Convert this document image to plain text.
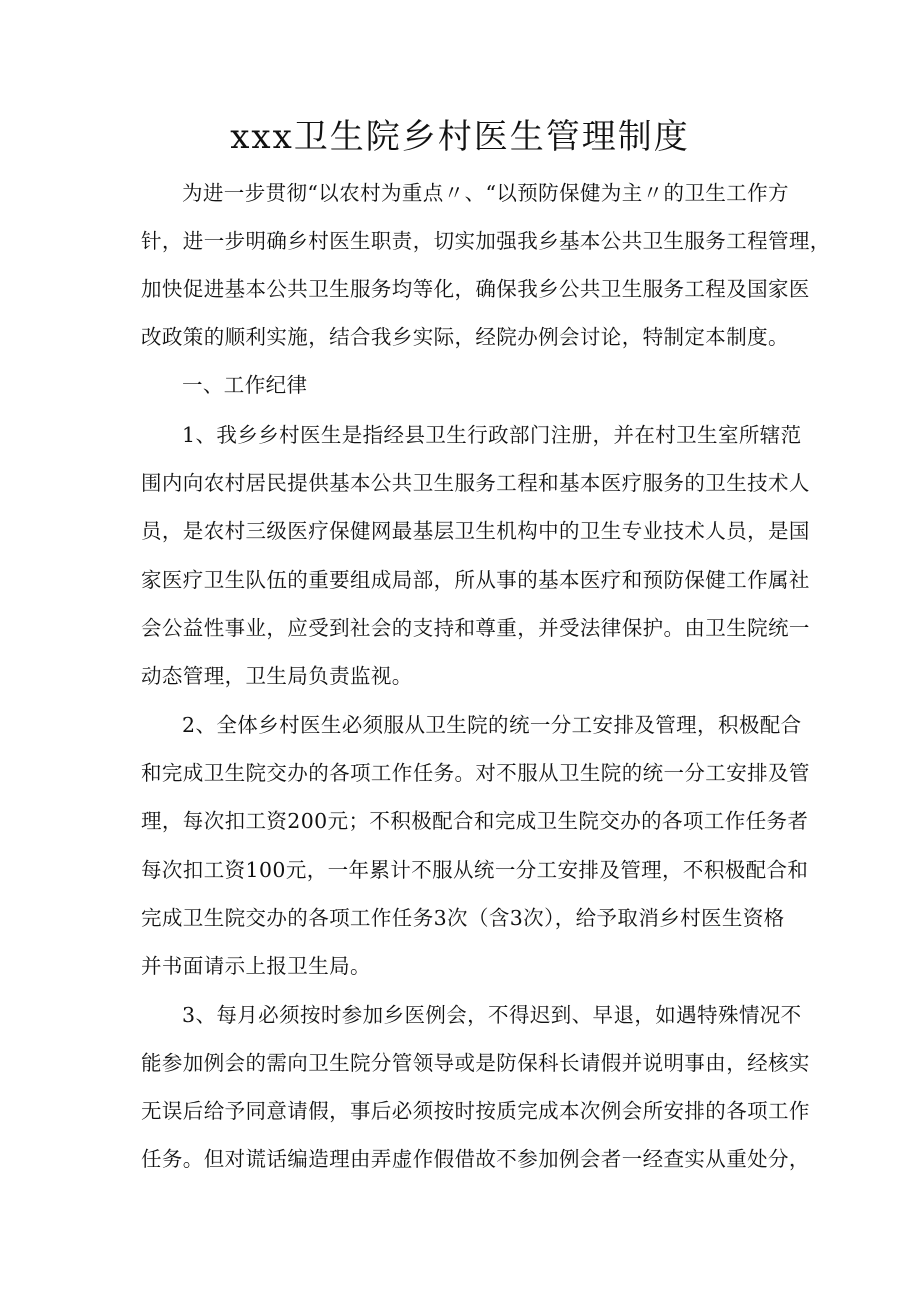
xxx卫生院乡村医生管理制度
为进一步贯彻“以农村为重点〃、“以预防保健为主〃的卫生工作方
针，进一步明确乡村医生职责，切实加强我乡基本公共卫生服务工程管理，
加快促进基本公共卫生服务均等化，确保我乡公共卫生服务工程及国家医
改政策的顺利实施，结合我乡实际，经院办例会讨论，特制定本制度。
一、工作纪律
1、我乡乡村医生是指经县卫生行政部门注册，并在村卫生室所辖范
围内向农村居民提供基本公共卫生服务工程和基本医疗服务的卫生技术人
员，是农村三级医疗保健网最基层卫生机构中的卫生专业技术人员，是国
家医疗卫生队伍的重要组成局部，所从事的基本医疗和预防保健工作属社
会公益性事业，应受到社会的支持和尊重，并受法律保护。由卫生院统一
动态管理，卫生局负责监视。
2、全体乡村医生必须服从卫生院的统一分工安排及管理，积极配合
和完成卫生院交办的各项工作任务。对不服从卫生院的统一分工安排及管
理，每次扣工资200元；不积极配合和完成卫生院交办的各项工作任务者
每次扣工资100元，一年累计不服从统一分工安排及管理，不积极配合和
完成卫生院交办的各项工作任务3次（含3次），给予取消乡村医生资格
并书面请示上报卫生局。
3、每月必须按时参加乡医例会，不得迟到、早退，如遇特殊情况不
能参加例会的需向卫生院分管领导或是防保科长请假并说明事由，经核实
无误后给予同意请假，事后必须按时按质完成本次例会所安排的各项工作
任务。但对谎话编造理由弄虚作假借故不参加例会者一经查实从重处分，
